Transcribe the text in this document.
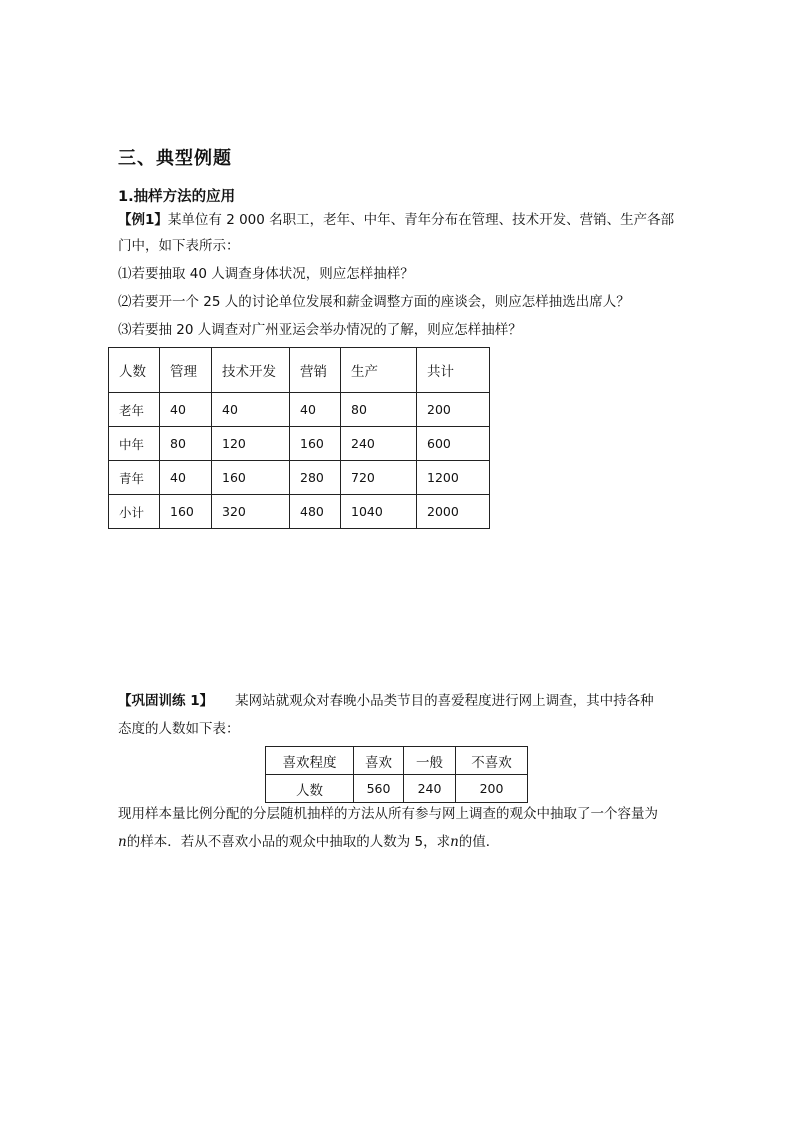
三、典型例题
1.抽样方法的应用
【例1】某单位有 2 000 名职工，老年、中年、青年分布在管理、技术开发、营销、生产各部
门中，如下表所示：
⑴若要抽取 40 人调查身体状况，则应怎样抽样？
⑵若要开一个 25 人的讨论单位发展和薪金调整方面的座谈会，则应怎样抽选出席人？
⑶若要抽 20 人调查对广州亚运会举办情况的了解，则应怎样抽样？
人数	管理	技术开发	营销	生产	共计
老年	40	40	40	80	200
中年	80	120	160	240	600
青年	40	160	280	720	1200
小计	160	320	480	1040	2000
【巩固训练 1】 某网站就观众对春晚小品类节目的喜爱程度进行网上调查，其中持各种
态度的人数如下表：
喜欢程度	喜欢	一般	不喜欢
人数	560	240	200
现用样本量比例分配的分层随机抽样的方法从所有参与网上调查的观众中抽取了一个容量为
n的样本．若从不喜欢小品的观众中抽取的人数为 5，求n的值．
